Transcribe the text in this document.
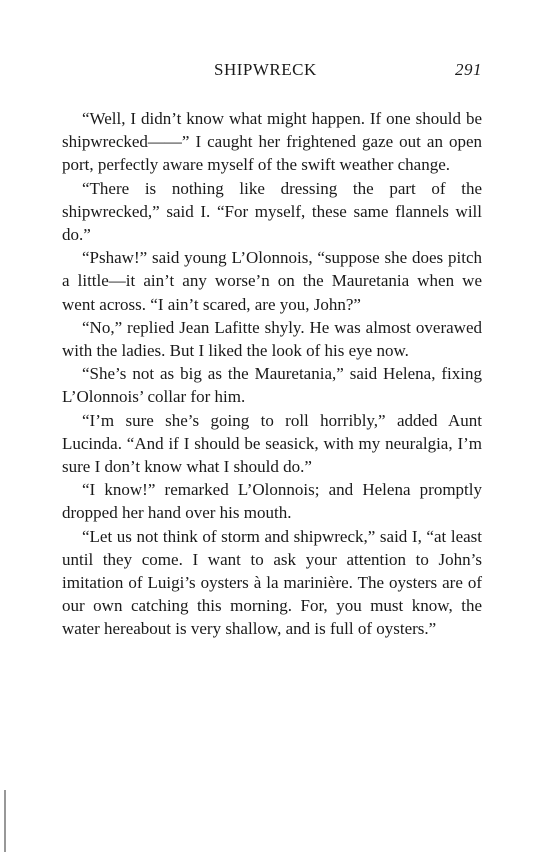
SHIPWRECK	291

“Well, I didn’t know what might happen. If one should be shipwrecked——” I caught her frightened gaze out an open port, perfectly aware myself of the swift weather change.

“There is nothing like dressing the part of the shipwrecked,” said I. “For myself, these same flannels will do.”

“Pshaw!” said young L’Olonnois, “suppose she does pitch a little—it ain’t any worse’n on the Mauretania when we went across. “I ain’t scared, are you, John?”

“No,” replied Jean Lafitte shyly. He was almost overawed with the ladies. But I liked the look of his eye now.

“She’s not as big as the Mauretania,” said Helena, fixing L’Olonnois’ collar for him.

“I’m sure she’s going to roll horribly,” added Aunt Lucinda. “And if I should be seasick, with my neuralgia, I’m sure I don’t know what I should do.”

“I know!” remarked L’Olonnois; and Helena promptly dropped her hand over his mouth.

“Let us not think of storm and shipwreck,” said I, “at least until they come. I want to ask your attention to John’s imitation of Luigi’s oysters à la marinière. The oysters are of our own catching this morning. For, you must know, the water hereabout is very shallow, and is full of oysters.”
